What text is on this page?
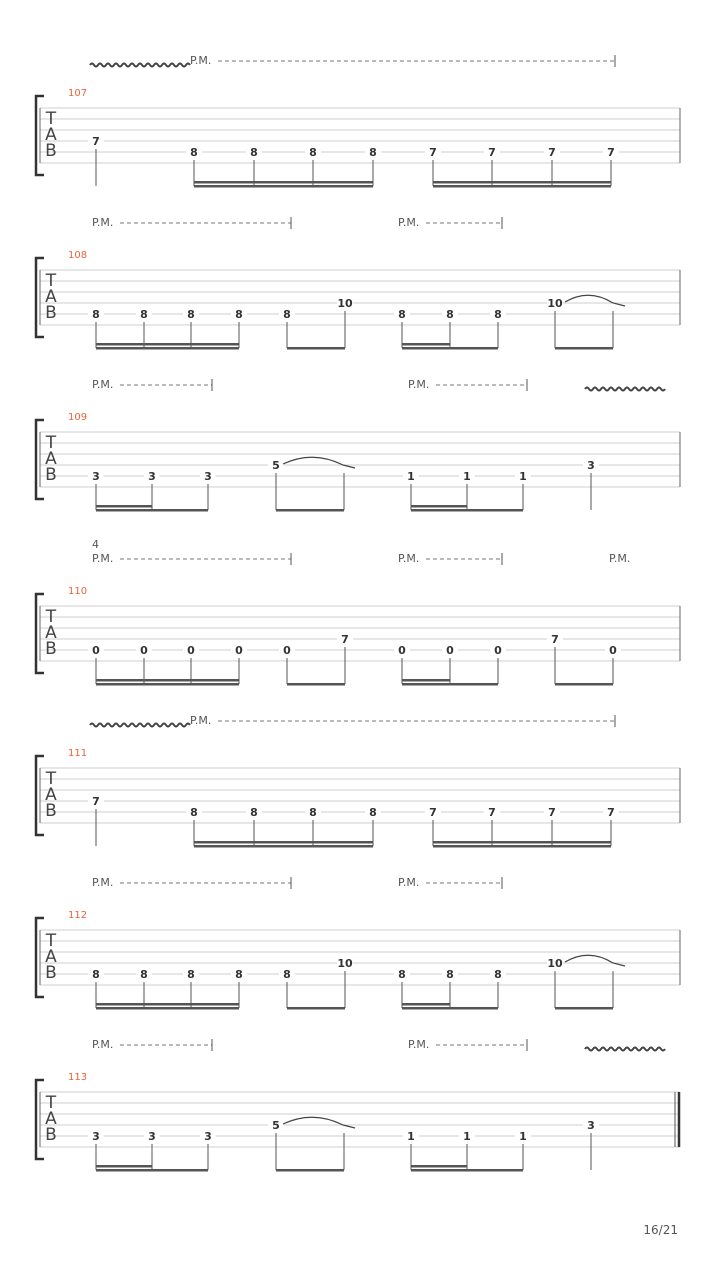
T
A
B
107
7
8	8	8	8	7	7	7	7
P.M.
T
A
B
108
8	8	8	8	8
10
8	8	8
10
P.M.	P.M.
T
A
B
109
3	3	3
5
1	1	1
3
P.M.	P.M.
T
A
B
110
0	0	0	0	0
7
0	0	0
7
0
P.M.	P.M.	P.M.
4
T
A
B
111
7
8	8	8	8	7	7	7	7
P.M.
T
A
B
112
8	8	8	8	8
10
8	8	8
10
P.M.	P.M.
T
A
B
113
3	3	3
5
1	1	1
3
P.M.	P.M.
16/21
